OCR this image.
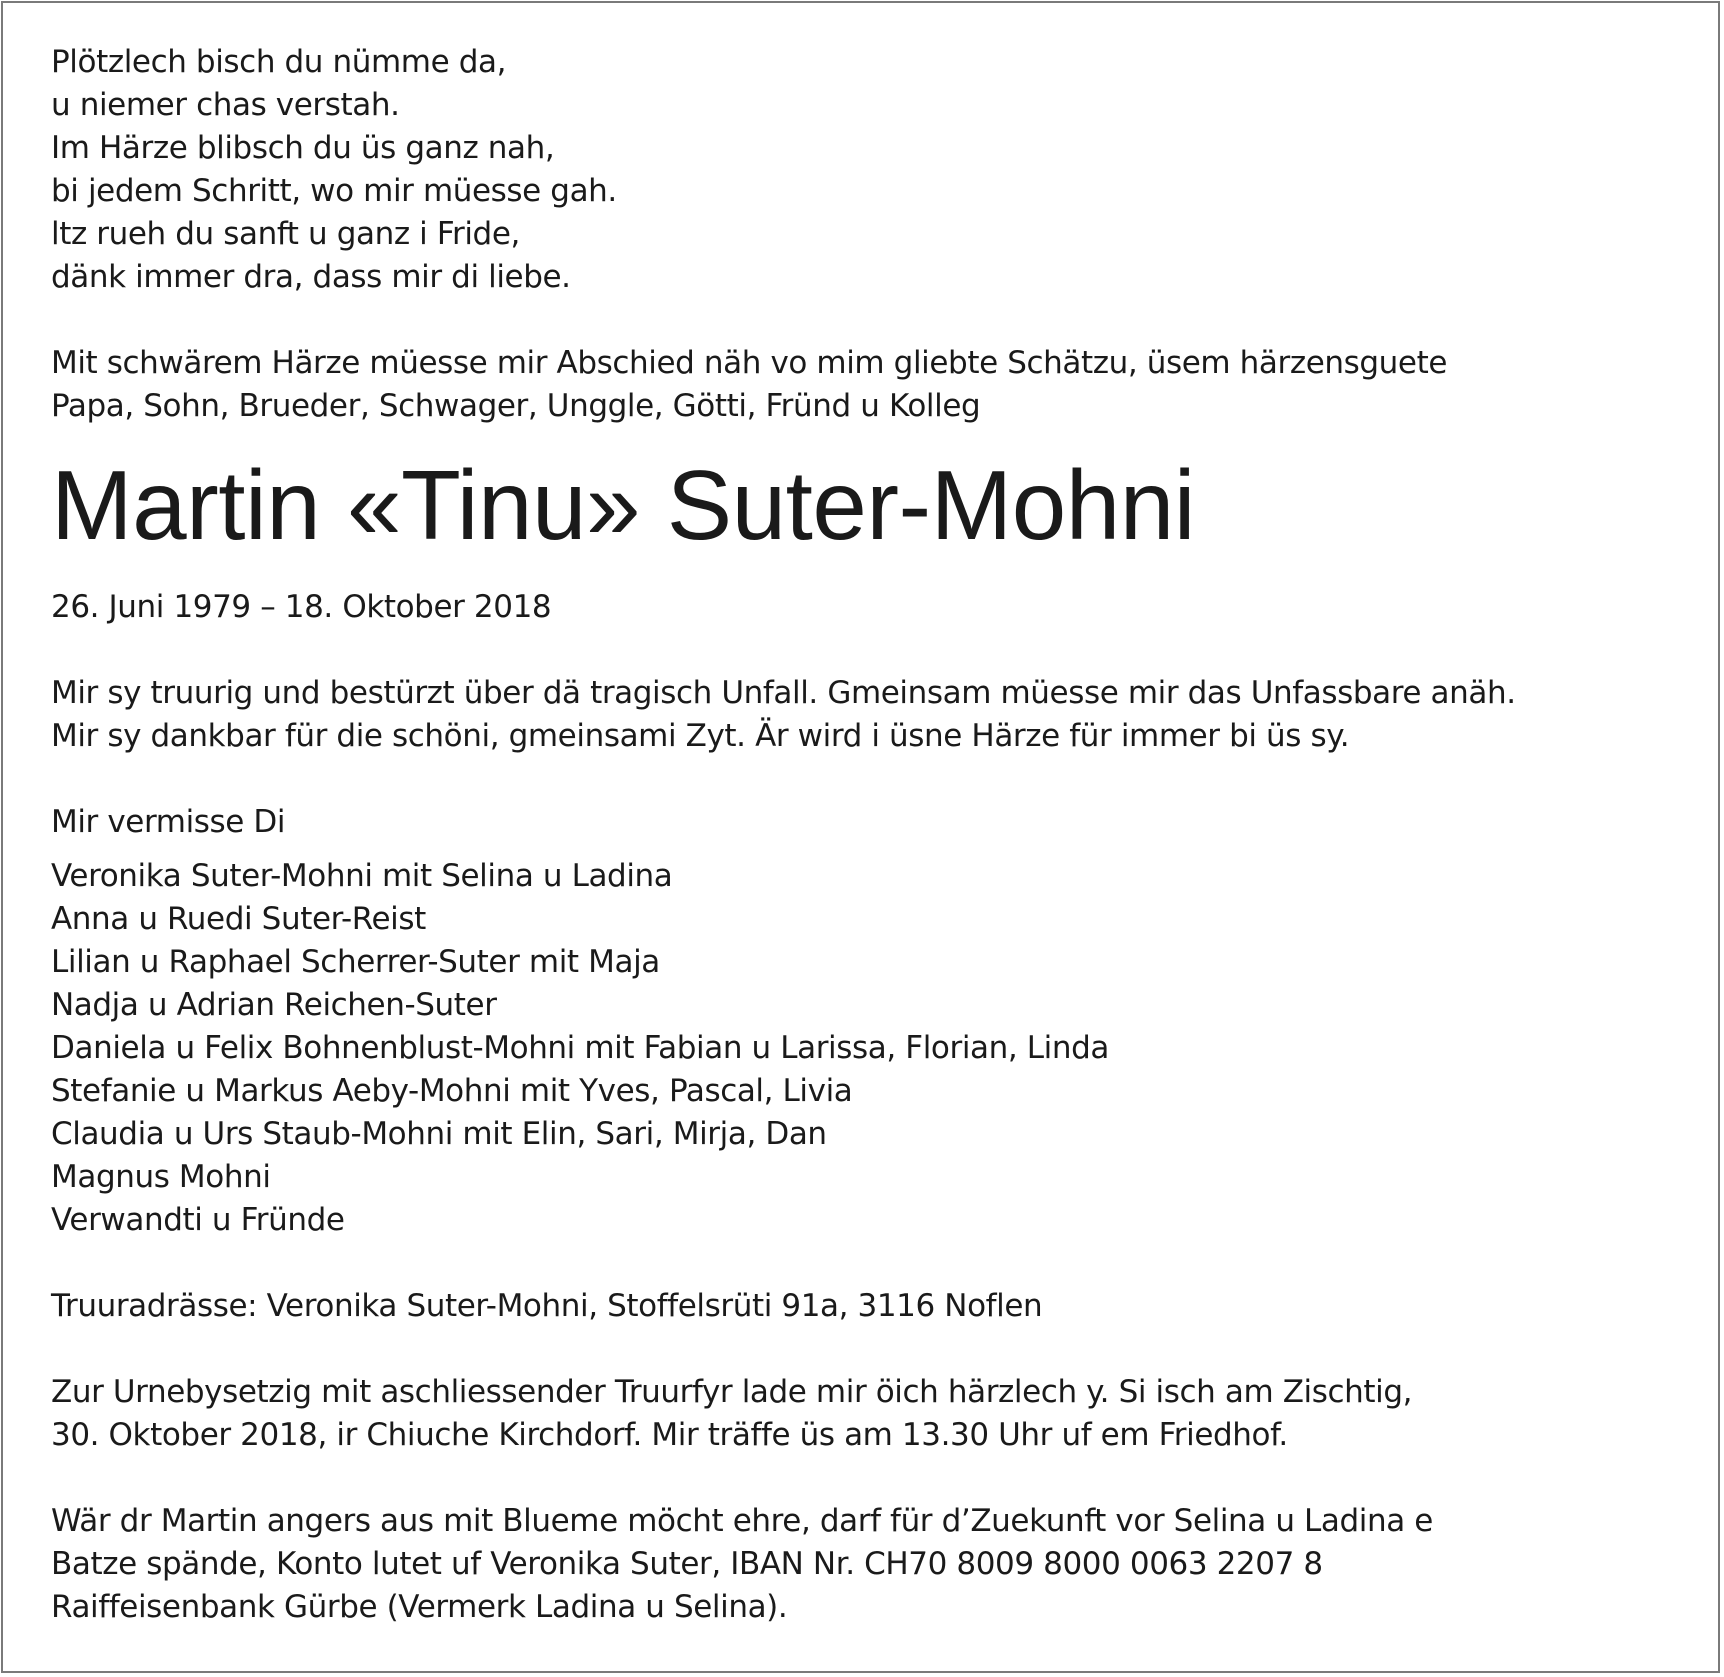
Plötzlech bisch du nümme da,
u niemer chas verstah.
Im Härze blibsch du üs ganz nah,
bi jedem Schritt, wo mir müesse gah.
ltz rueh du sanft u ganz i Fride,
dänk immer dra, dass mir di liebe.
Mit schwärem Härze müesse mir Abschied näh vo mim gliebte Schätzu, üsem härzensguete
Papa, Sohn, Brueder, Schwager, Unggle, Götti, Fründ u Kolleg
Martin «Tinu» Suter-Mohni
26. Juni 1979 – 18. Oktober 2018
Mir sy truurig und bestürzt über dä tragisch Unfall. Gmeinsam müesse mir das Unfassbare anäh.
Mir sy dankbar für die schöni, gmeinsami Zyt. Är wird i üsne Härze für immer bi üs sy.
Mir vermisse Di
Veronika Suter-Mohni mit Selina u Ladina
Anna u Ruedi Suter-Reist
Lilian u Raphael Scherrer-Suter mit Maja
Nadja u Adrian Reichen-Suter
Daniela u Felix Bohnenblust-Mohni mit Fabian u Larissa, Florian, Linda
Stefanie u Markus Aeby-Mohni mit Yves, Pascal, Livia
Claudia u Urs Staub-Mohni mit Elin, Sari, Mirja, Dan
Magnus Mohni
Verwandti u Fründe
Truuradrässe: Veronika Suter-Mohni, Stoffelsrüti 91a, 3116 Noflen
Zur Urnebysetzig mit aschliessender Truurfyr lade mir öich härzlech y. Si isch am Zischtig,
30. Oktober 2018, ir Chiuche Kirchdorf. Mir träffe üs am 13.30 Uhr uf em Friedhof.
Wär dr Martin angers aus mit Blueme möcht ehre, darf für d’Zuekunft vor Selina u Ladina e
Batze spände, Konto lutet uf Veronika Suter, IBAN Nr. CH70 8009 8000 0063 2207 8
Raiffeisenbank Gürbe (Vermerk Ladina u Selina).
